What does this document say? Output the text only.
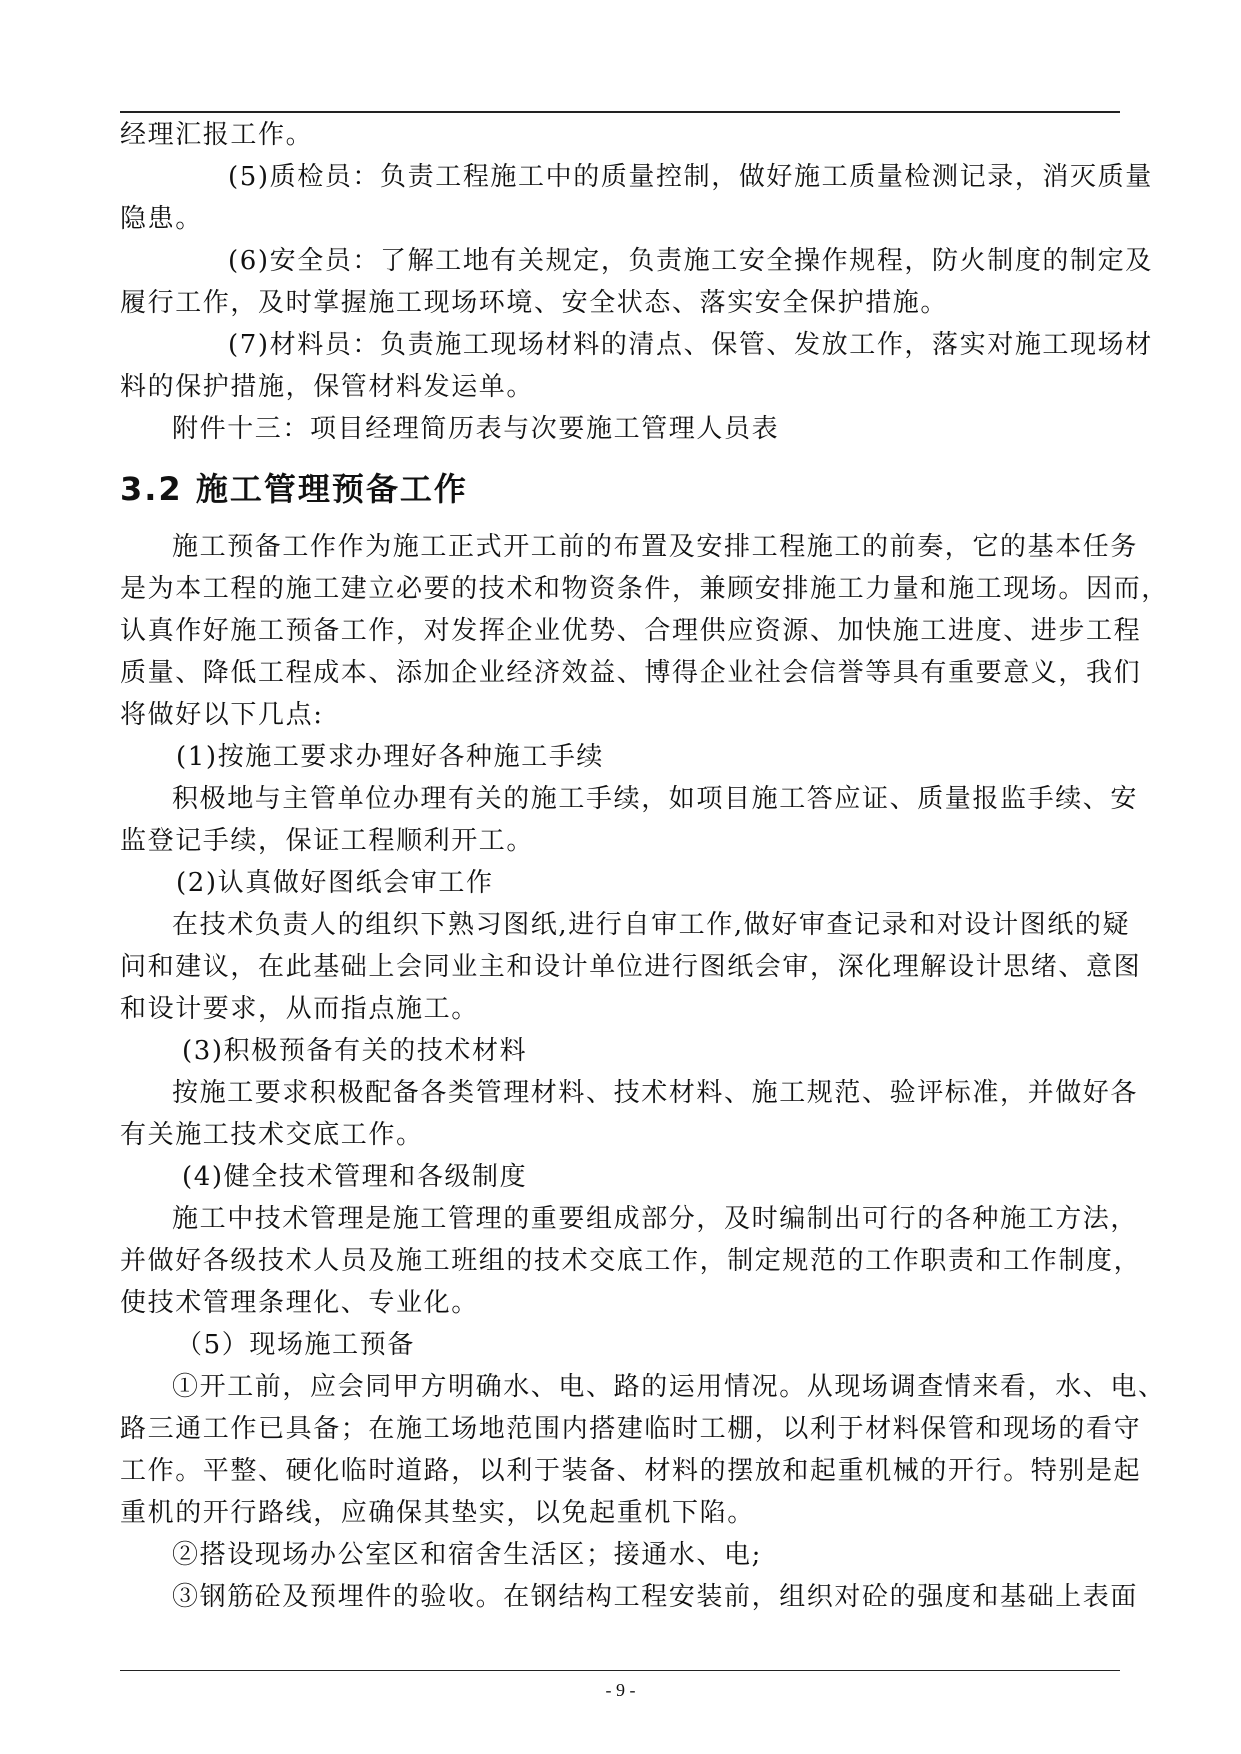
经理汇报工作。
(5)质检员：负责工程施工中的质量控制，做好施工质量检测记录，消灭质量
隐患。
(6)安全员：了解工地有关规定，负责施工安全操作规程，防火制度的制定及
履行工作，及时掌握施工现场环境、安全状态、落实安全保护措施。
(7)材料员：负责施工现场材料的清点、保管、发放工作，落实对施工现场材
料的保护措施，保管材料发运单。
附件十三：项目经理简历表与次要施工管理人员表
3.2 施工管理预备工作
施工预备工作作为施工正式开工前的布置及安排工程施工的前奏，它的基本任务
是为本工程的施工建立必要的技术和物资条件，兼顾安排施工力量和施工现场。因而，
认真作好施工预备工作，对发挥企业优势、合理供应资源、加快施工进度、进步工程
质量、降低工程成本、添加企业经济效益、博得企业社会信誉等具有重要意义，我们
将做好以下几点:
(1)按施工要求办理好各种施工手续
积极地与主管单位办理有关的施工手续，如项目施工答应证、质量报监手续、安
监登记手续，保证工程顺利开工。
(2)认真做好图纸会审工作
在技术负责人的组织下熟习图纸,进行自审工作,做好审查记录和对设计图纸的疑
问和建议，在此基础上会同业主和设计单位进行图纸会审，深化理解设计思绪、意图
和设计要求，从而指点施工。
(3)积极预备有关的技术材料
按施工要求积极配备各类管理材料、技术材料、施工规范、验评标准，并做好各
有关施工技术交底工作。
(4)健全技术管理和各级制度
施工中技术管理是施工管理的重要组成部分，及时编制出可行的各种施工方法，
并做好各级技术人员及施工班组的技术交底工作，制定规范的工作职责和工作制度，
使技术管理条理化、专业化。
（5）现场施工预备
①开工前，应会同甲方明确水、电、路的运用情况。从现场调查情来看，水、电、
路三通工作已具备；在施工场地范围内搭建临时工棚，以利于材料保管和现场的看守
工作。平整、硬化临时道路，以利于装备、材料的摆放和起重机械的开行。特别是起
重机的开行路线，应确保其垫实，以免起重机下陷。
②搭设现场办公室区和宿舍生活区；接通水、电;
③钢筋砼及预埋件的验收。在钢结构工程安装前，组织对砼的强度和基础上表面
- 9 -
